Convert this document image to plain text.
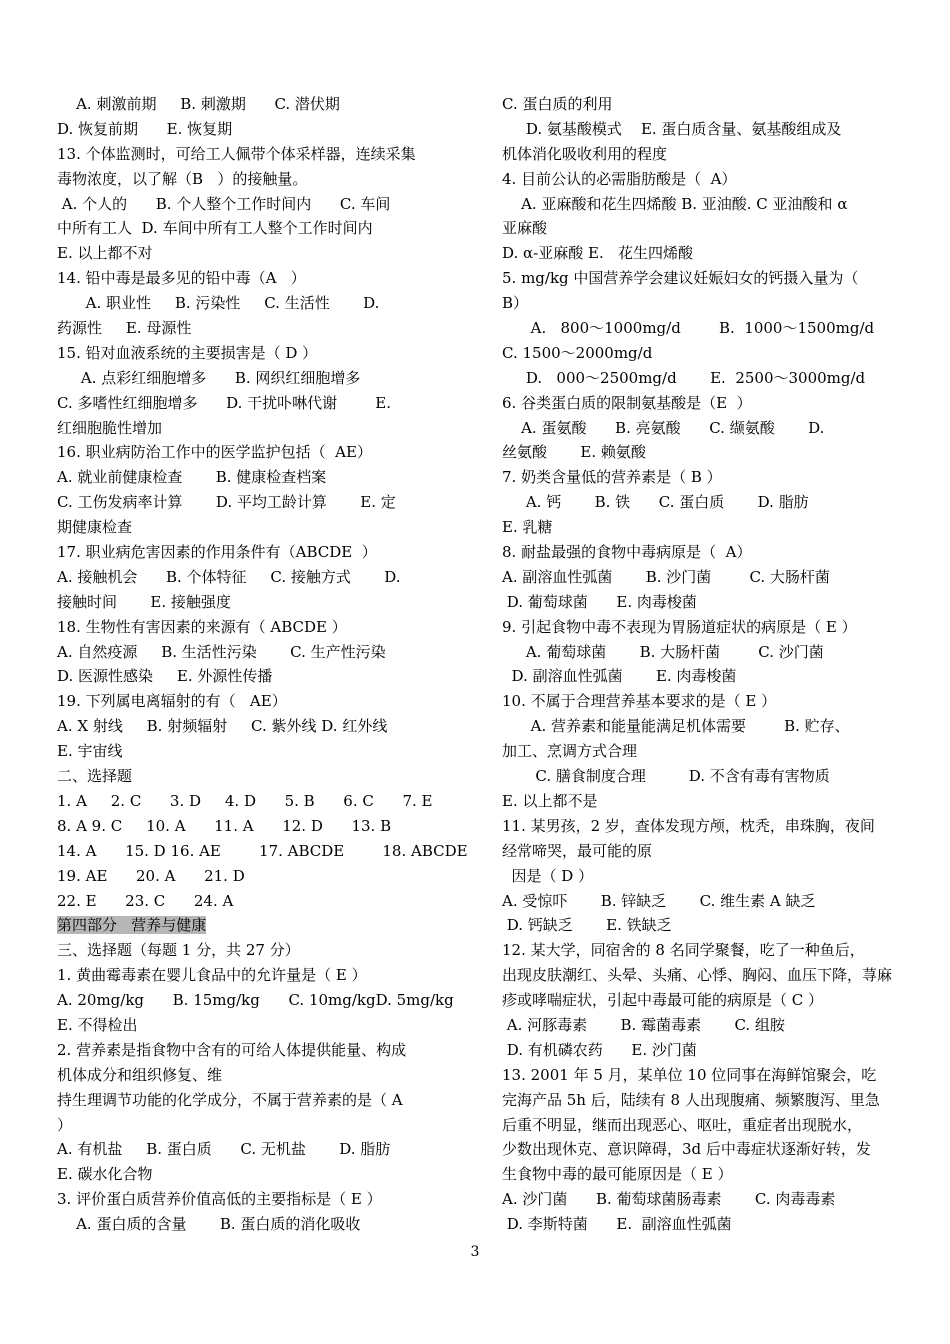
A. 刺激前期     B. 刺激期      C. 潜伏期
D. 恢复前期      E. 恢复期
13. 个体监测时，可给工人佩带个体采样器，连续采集
毒物浓度，以了解（B   ）的接触量。
A. 个人的      B. 个人整个工作时间内      C. 车间
中所有工人  D. 车间中所有工人整个工作时间内
E. 以上都不对
14. 铅中毒是最多见的铅中毒（A   ）
A. 职业性     B. 污染性     C. 生活性       D.
药源性     E. 母源性
15. 铅对血液系统的主要损害是（ D ）
A. 点彩红细胞增多      B. 网织红细胞增多
C. 多嗜性红细胞增多      D. 干扰卟啉代谢        E.
红细胞脆性增加
16. 职业病防治工作中的医学监护包括（  AE）
A. 就业前健康检查       B. 健康检查档案
C. 工伤发病率计算       D. 平均工龄计算       E. 定
期健康检查
17. 职业病危害因素的作用条件有（ABCDE  ）
A. 接触机会      B. 个体特征     C. 接触方式       D.
接触时间       E. 接触强度
18. 生物性有害因素的来源有（ ABCDE ）
A. 自然疫源     B. 生活性污染       C. 生产性污染
D. 医源性感染     E. 外源性传播
19. 下列属电离辐射的有（   AE）
A. X 射线     B. 射频辐射     C. 紫外线 D. 红外线
E. 宇宙线
二、选择题
1. A     2. C      3. D     4. D      5. B      6. C      7. E
8. A 9. C     10. A      11. A      12. D      13. B
14. A      15. D 16. AE        17. ABCDE        18. ABCDE
19. AE      20. A      21. D
22. E      23. C      24. A
第四部分   营养与健康
三、选择题（每题 1 分，共 27 分）
1. 黄曲霉毒素在婴儿食品中的允许量是（ E ）
A. 20mg/kg      B. 15mg/kg      C. 10mg/kgD. 5mg/kg
E. 不得检出
2. 营养素是指食物中含有的可给人体提供能量、构成
机体成分和组织修复、维
持生理调节功能的化学成分，不属于营养素的是（ A
）
A. 有机盐     B. 蛋白质      C. 无机盐       D. 脂肪
E. 碳水化合物
3. 评价蛋白质营养价值高低的主要指标是（ E ）
A. 蛋白质的含量       B. 蛋白质的消化吸收
C. 蛋白质的利用
D. 氨基酸模式    E. 蛋白质含量、氨基酸组成及
机体消化吸收利用的程度
4. 目前公认的必需脂肪酸是（  A）
A. 亚麻酸和花生四烯酸 B. 亚油酸. C 亚油酸和 α
亚麻酸
D. α-亚麻酸 E.   花生四烯酸
5. mg/kg 中国营养学会建议妊娠妇女的钙摄入量为（
B）
A.   800～1000mg/d        B.  1000～1500mg/d
C. 1500～2000mg/d
D.   000～2500mg/d       E.  2500～3000mg/d
6. 谷类蛋白质的限制氨基酸是（E  ）
A. 蛋氨酸      B. 亮氨酸      C. 缬氨酸       D.
丝氨酸       E. 赖氨酸
7. 奶类含量低的营养素是（ B ）
A. 钙       B. 铁      C. 蛋白质       D. 脂肪
E. 乳糖
8. 耐盐最强的食物中毒病原是（  A）
A. 副溶血性弧菌       B. 沙门菌        C. 大肠杆菌
D. 葡萄球菌      E. 肉毒梭菌
9. 引起食物中毒不表现为胃肠道症状的病原是（ E ）
A. 葡萄球菌       B. 大肠杆菌        C. 沙门菌
D. 副溶血性弧菌       E. 肉毒梭菌
10. 不属于合理营养基本要求的是（ E ）
A. 营养素和能量能满足机体需要        B. 贮存、
加工、烹调方式合理
C. 膳食制度合理         D. 不含有毒有害物质
E. 以上都不是
11. 某男孩，2 岁，查体发现方颅，枕秃，串珠胸，夜间
经常啼哭，最可能的原
因是（ D ）
A. 受惊吓       B. 锌缺乏       C. 维生素 A 缺乏
D. 钙缺乏       E. 铁缺乏
12. 某大学，同宿舍的 8 名同学聚餐，吃了一种鱼后，
出现皮肤潮红、头晕、头痛、心悸、胸闷、血压下降，荨麻
疹或哮喘症状，引起中毒最可能的病原是（ C ）
A. 河豚毒素       B. 霉菌毒素       C. 组胺
D. 有机磷农药      E. 沙门菌
13. 2001 年 5 月，某单位 10 位同事在海鲜馆聚会，吃
完海产品 5h 后，陆续有 8 人出现腹痛、频繁腹泻、里急
后重不明显，继而出现恶心、呕吐，重症者出现脱水，
少数出现休克、意识障碍，3d 后中毒症状逐渐好转，发
生食物中毒的最可能原因是（ E ）
A. 沙门菌      B. 葡萄球菌肠毒素       C. 肉毒毒素
D. 李斯特菌      E.  副溶血性弧菌
3
